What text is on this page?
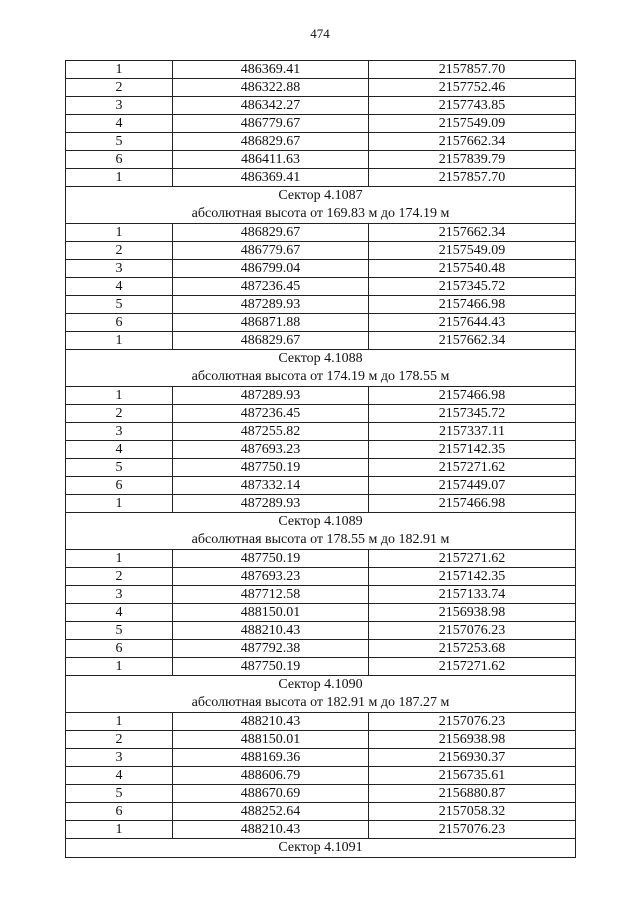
474
1	486369.41	2157857.70
2	486322.88	2157752.46
3	486342.27	2157743.85
4	486779.67	2157549.09
5	486829.67	2157662.34
6	486411.63	2157839.79
1	486369.41	2157857.70

Сектор 4.1087
абсолютная высота от 169.83 м до 174.19 м		

1	486829.67	2157662.34
2	486779.67	2157549.09
3	486799.04	2157540.48
4	487236.45	2157345.72
5	487289.93	2157466.98
6	486871.88	2157644.43
1	486829.67	2157662.34

Сектор 4.1088
абсолютная высота от 174.19 м до 178.55 м		

1	487289.93	2157466.98
2	487236.45	2157345.72
3	487255.82	2157337.11
4	487693.23	2157142.35
5	487750.19	2157271.62
6	487332.14	2157449.07
1	487289.93	2157466.98

Сектор 4.1089
абсолютная высота от 178.55 м до 182.91 м		

1	487750.19	2157271.62
2	487693.23	2157142.35
3	487712.58	2157133.74
4	488150.01	2156938.98
5	488210.43	2157076.23
6	487792.38	2157253.68
1	487750.19	2157271.62

Сектор 4.1090
абсолютная высота от 182.91 м до 187.27 м		

1	488210.43	2157076.23
2	488150.01	2156938.98
3	488169.36	2156930.37
4	488606.79	2156735.61
5	488670.69	2156880.87
6	488252.64	2157058.32
1	488210.43	2157076.23

Сектор 4.1091		
